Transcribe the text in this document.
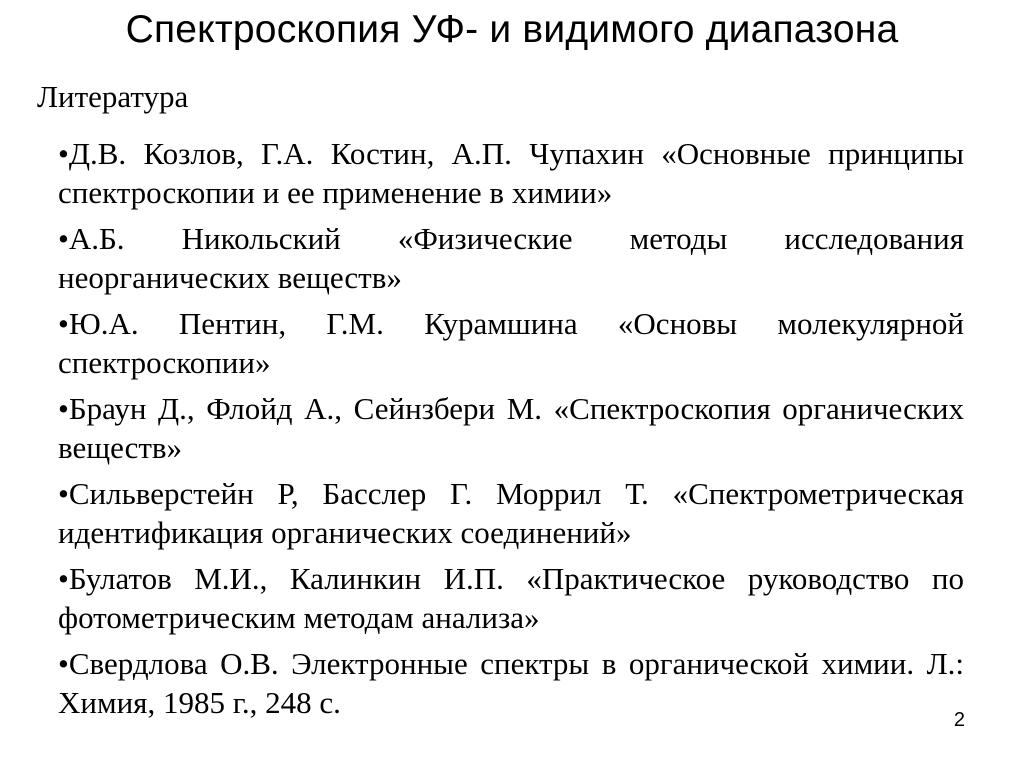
Спектроскопия УФ- и видимого диапазона
Литература
•Д.В. Козлов, Г.А. Костин, А.П. Чупахин «Основные принципы спектроскопии и ее применение в химии»
•А.Б. Никольский «Физические методы исследования неорганических веществ»
•Ю.А. Пентин, Г.М. Курамшина «Основы молекулярной спектроскопии»
•Браун Д., Флойд А., Сейнзбери М. «Спектроскопия органических веществ»
•Сильверстейн Р, Басслер Г. Моррил Т. «Спектрометрическая идентификация органических соединений»
•Булатов М.И., Калинкин И.П. «Практическое руководство по фотометрическим методам анализа»
•Свердлова О.В. Электронные спектры в органической химии. Л.: Химия, 1985 г., 248 с.	2
